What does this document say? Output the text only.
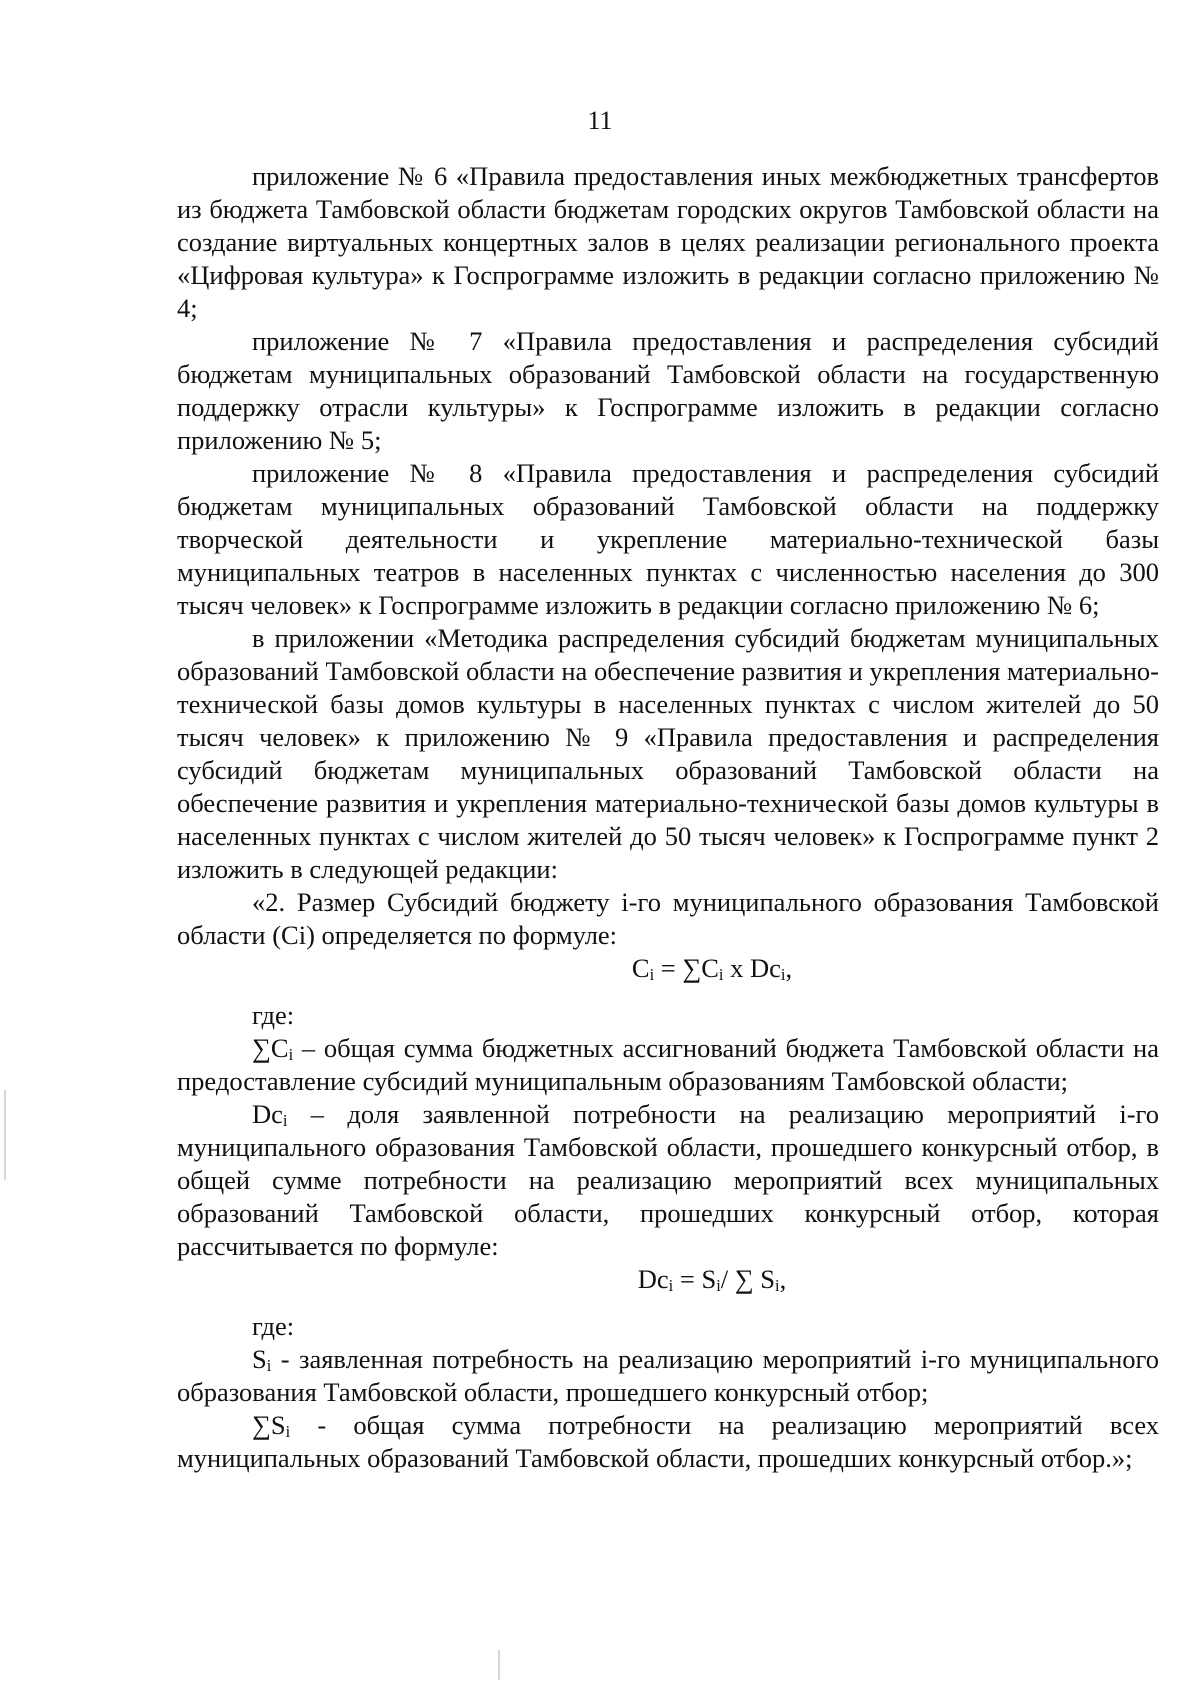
11

приложение № 6 «Правила предоставления иных межбюджетных трансфертов из бюджета Тамбовской области бюджетам городских округов Тамбовской области на создание виртуальных концертных залов в целях реализации регионального проекта «Цифровая культура» к Госпрограмме изложить в редакции согласно приложению № 4;

приложение № 7 «Правила предоставления и распределения субсидий бюджетам муниципальных образований Тамбовской области на государственную поддержку отрасли культуры» к Госпрограмме изложить в редакции согласно приложению № 5;

приложение № 8 «Правила предоставления и распределения субсидий бюджетам муниципальных образований Тамбовской области на поддержку творческой деятельности и укрепление материально-технической базы муниципальных театров в населенных пунктах с численностью населения до 300 тысяч человек» к Госпрограмме изложить в редакции согласно приложению № 6;

в приложении «Методика распределения субсидий бюджетам муниципальных образований Тамбовской области на обеспечение развития и укрепления материально-технической базы домов культуры в населенных пунктах с числом жителей до 50 тысяч человек» к приложению № 9 «Правила предоставления и распределения субсидий бюджетам муниципальных образований Тамбовской области на обеспечение развития и укрепления материально-технической базы домов культуры в населенных пунктах с числом жителей до 50 тысяч человек» к Госпрограмме пункт 2 изложить в следующей редакции:

«2. Размер Субсидий бюджету i-го муниципального образования Тамбовской области (Ci) определяется по формуле:

$C_i = \sum C_i$ x $Dc_i$,

где:

$\sum C_i$ – общая сумма бюджетных ассигнований бюджета Тамбовской области на предоставление субсидий муниципальным образованиям Тамбовской области;

$Dc_i$ – доля заявленной потребности на реализацию мероприятий i-го муниципального образования Тамбовской области, прошедшего конкурсный отбор, в общей сумме потребности на реализацию мероприятий всех муниципальных образований Тамбовской области, прошедших конкурсный отбор, которая рассчитывается по формуле:

$Dc_i = S_i/$ ∑ $S_i$,

где:

$S_i$ - заявленная потребность на реализацию мероприятий i-го муниципального образования Тамбовской области, прошедшего конкурсный отбор;

$\sum S_i$ - общая сумма потребности на реализацию мероприятий всех муниципальных образований Тамбовской области, прошедших конкурсный отбор.»;
